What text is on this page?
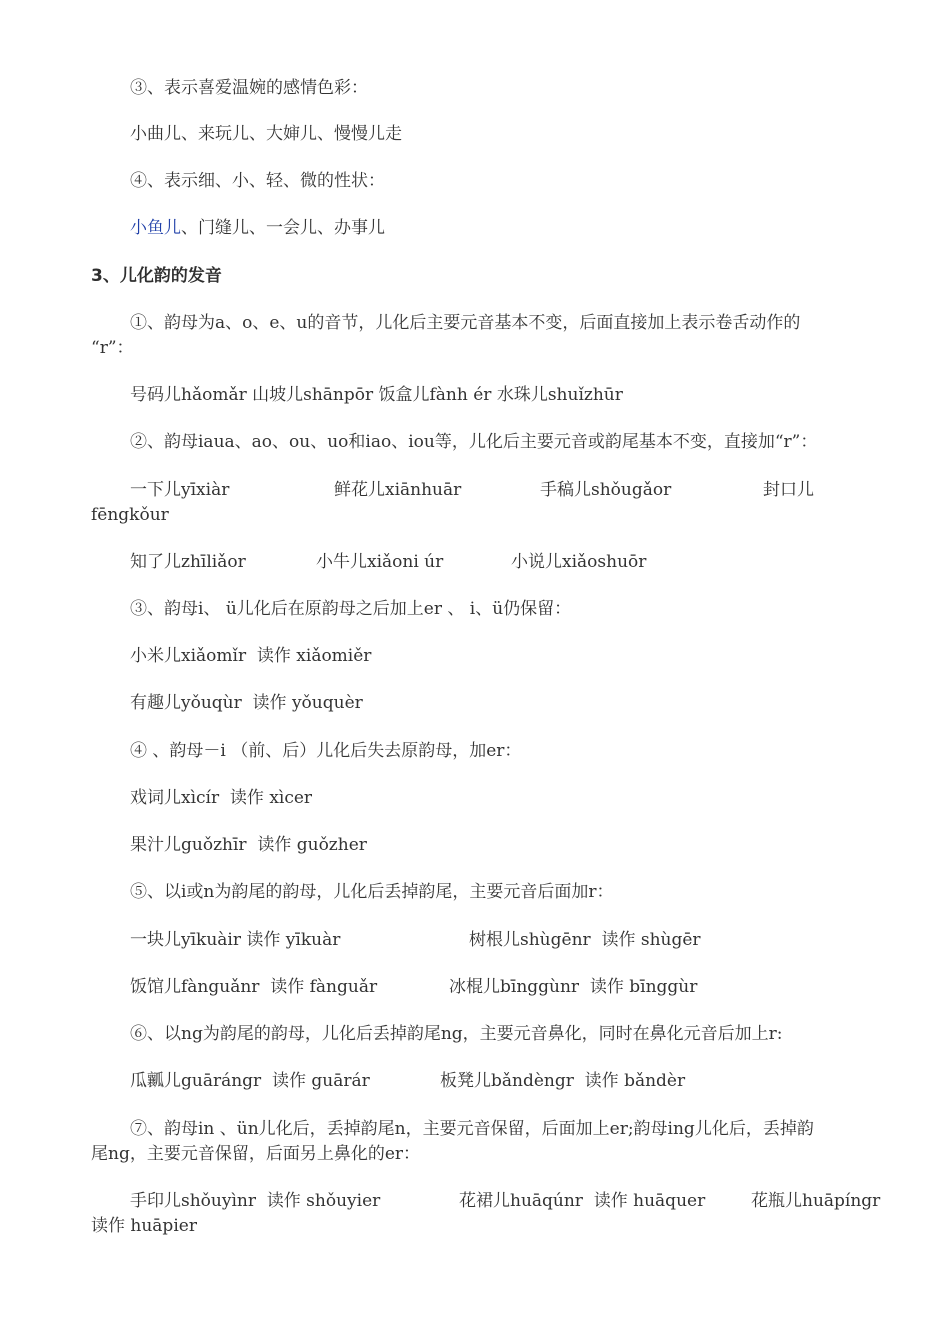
③、表示喜爱温婉的感情色彩：
小曲儿、来玩儿、大婶儿、慢慢儿走
④、表示细、小、轻、微的性状：
小鱼儿、门缝儿、一会儿、办事儿
3、儿化韵的发音
①、韵母为a、o、e、u的音节，儿化后主要元音基本不变，后面直接加上表示卷舌动作的
“r”：
号码儿hǎomǎr 山坡儿shānpōr 饭盒儿fành ér 水珠儿shuǐzhūr
②、韵母iaua、ao、ou、uo和iao、iou等，儿化后主要元音或韵尾基本不变，直接加“r”：
一下儿yīxiàr	鲜花儿xiānhuār	手稿儿shǒugǎor	封口儿
fēngkǒur
知了儿zhīliǎor	小牛儿xiǎoni úr	小说儿xiǎoshuōr
③、韵母i、 ü儿化后在原韵母之后加上er 、 i、ü仍保留：
小米儿xiǎomǐr  读作 xiǎomiěr
有趣儿yǒuqùr  读作 yǒuquèr
④ 、韵母－i （前、后）儿化后失去原韵母，加er：
戏词儿xìcír  读作 xìcer
果汁儿guǒzhīr  读作 guǒzher
⑤、以i或n为韵尾的韵母，儿化后丢掉韵尾，主要元音后面加r：
一块儿yīkuàir 读作 yīkuàr	树根儿shùgēnr  读作 shùgēr
饭馆儿fànguǎnr  读作 fànguǎr	冰棍儿bīnggùnr  读作 bīnggùr
⑥、以ng为韵尾的韵母，儿化后丢掉韵尾ng，主要元音鼻化，同时在鼻化元音后加上r:
瓜瓤儿guārángr  读作 guārár	板凳儿bǎndèngr  读作 bǎndèr
⑦、韵母in 、ün儿化后，丢掉韵尾n，主要元音保留，后面加上er;韵母ing儿化后，丢掉韵
尾ng，主要元音保留，后面另上鼻化的er：
手印儿shǒuyìnr  读作 shǒuyier	花裙儿huāqúnr  读作 huāquer	花瓶儿huāpíngr
读作 huāpier
